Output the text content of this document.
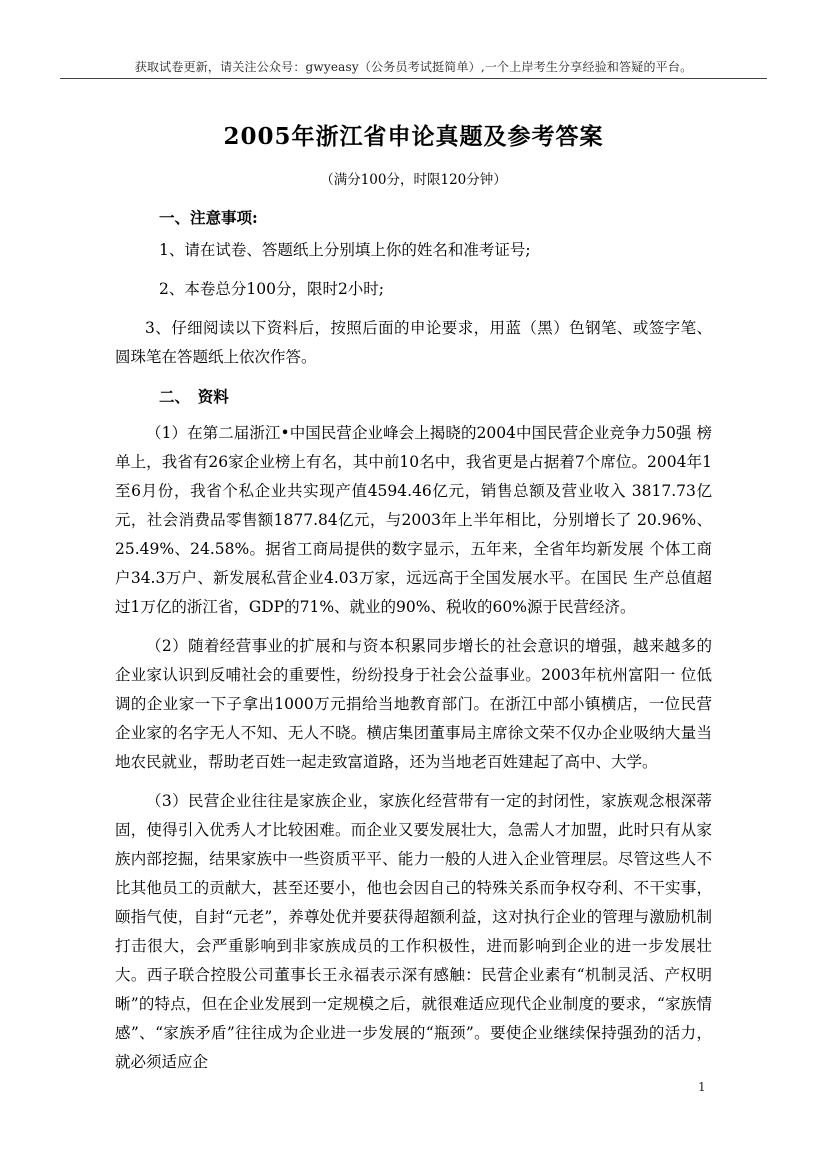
获取试卷更新，请关注公众号：gwyeasy（公务员考试挺简单）,一个上岸考生分享经验和答疑的平台。
2005年浙江省申论真题及参考答案
（满分100分，时限120分钟）

一、注意事项:

1、请在试卷、答题纸上分别填上你的姓名和准考证号;

2、本卷总分100分，限时2小时;

3、仔细阅读以下资料后，按照后面的申论要求，用蓝（黑）色钢笔、或签字笔、圆珠笔在答题纸上依次作答。

二、　资料

（1）在第二届浙江•中国民营企业峰会上揭晓的2004中国民营企业竞争力50强 榜单上，我省有26家企业榜上有名，其中前10名中，我省更是占据着7个席位。2004年1至6月份，我省个私企业共实现产值4594.46亿元，销售总额及营业收入 3817.73亿元，社会消费品零售额1877.84亿元，与2003年上半年相比，分别增长了 20.96%、25.49%、24.58%。据省工商局提供的数字显示，五年来，全省年均新发展 个体工商户34.3万户、新发展私营企业4.03万家，远远高于全国发展水平。在国民 生产总值超过1万亿的浙江省，GDP的71%、就业的90%、税收的60%源于民营经济。

（2）随着经营事业的扩展和与资本积累同步增长的社会意识的增强，越来越多的企业家认识到反哺社会的重要性，纷纷投身于社会公益事业。2003年杭州富阳一 位低调的企业家一下子拿出1000万元捐给当地教育部门。在浙江中部小镇横店，一位民营企业家的名字无人不知、无人不晓。横店集团董事局主席徐文荣不仅办企业吸纳大量当地农民就业，帮助老百姓一起走致富道路，还为当地老百姓建起了高中、大学。

（3）民营企业往往是家族企业，家族化经营带有一定的封闭性，家族观念根深蒂固，使得引入优秀人才比较困难。而企业又要发展壮大，急需人才加盟，此时只有从家族内部挖掘，结果家族中一些资质平平、能力一般的人进入企业管理层。尽管这些人不比其他员工的贡献大，甚至还要小，他也会因自己的特殊关系而争权夺利、不干实事，颐指气使，自封“元老”，养尊处优并要获得超额利益，这对执行企业的管理与激励机制打击很大，会严重影响到非家族成员的工作积极性，进而影响到企业的进一步发展壮大。西子联合控股公司董事长王永福表示深有感触：民营企业素有“机制灵活、产权明晰”的特点，但在企业发展到一定规模之后，就很难适应现代企业制度的要求，“家族情感”、“家族矛盾”往往成为企业进一步发展的“瓶颈”。要使企业继续保持强劲的活力，就必须适应企

1
